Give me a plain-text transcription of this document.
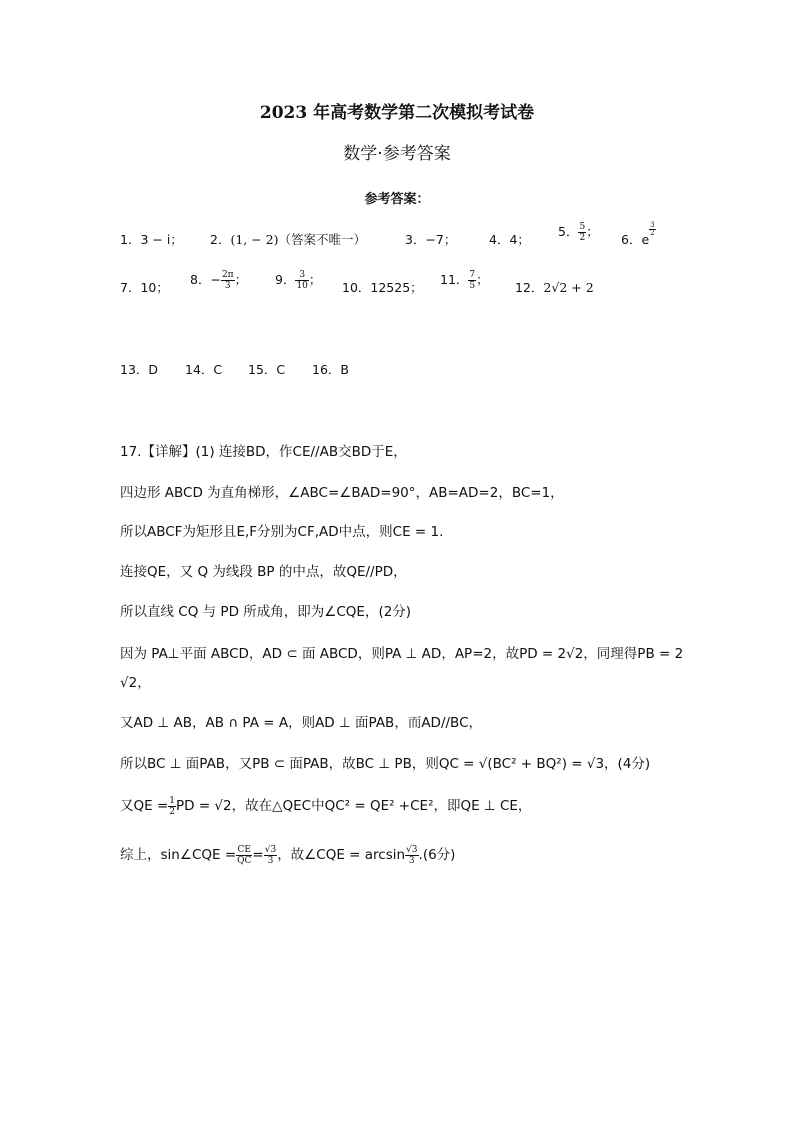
2023 年高考数学第二次模拟考试卷
数学·参考答案
参考答案：
1．3 − i； 2．(1, − 2)（答案不唯一）	3．−7；	4．4；
5． $\frac{5}{2}$ ；
6．e
$\frac{3}{2}$
7．10；
8．− $\frac{2\pi}{3}$ ； 9． $\frac{3}{10}$ ；
10．12525；
11． $\frac{7}{5}$ ；
12．2√2 + 2
13．D 14．C 15．C 16．B
17.【详解】(1) 连接BD，作CE//AB交BD于E，
四边形 ABCD 为直角梯形，∠ABC=∠BAD=90°，AB=AD=2，BC=1，
所以ABCF为矩形且E,F分别为CF,AD中点，则CE = 1.
连接QE，又 Q 为线段 BP 的中点，故QE//PD，
所以直线 CQ 与 PD 所成角，即为∠CQE，(2分)
因为 PA⊥平面 ABCD，AD ⊂ 面 ABCD，则PA ⊥ AD，AP=2，故PD = 2√2，同理得PB = 2
√2，
又AD ⊥ AB，AB ∩ PA = A，则AD ⊥ 面PAB，而AD//BC，
所以BC ⊥ 面PAB，又PB ⊂ 面PAB，故BC ⊥ PB，则QC = √(BC² + BQ²) = √3，(4分)
又QE = $\frac{1}{2}$ PD = √2，故在△QEC中QC² = QE² +CE²，即QE ⊥ CE，
综上，sin∠CQE = $\frac{CE}{QC} = \frac{√3}{3}$ ，故∠CQE = $\arcsin \frac{√3}{3} .(6$分)
